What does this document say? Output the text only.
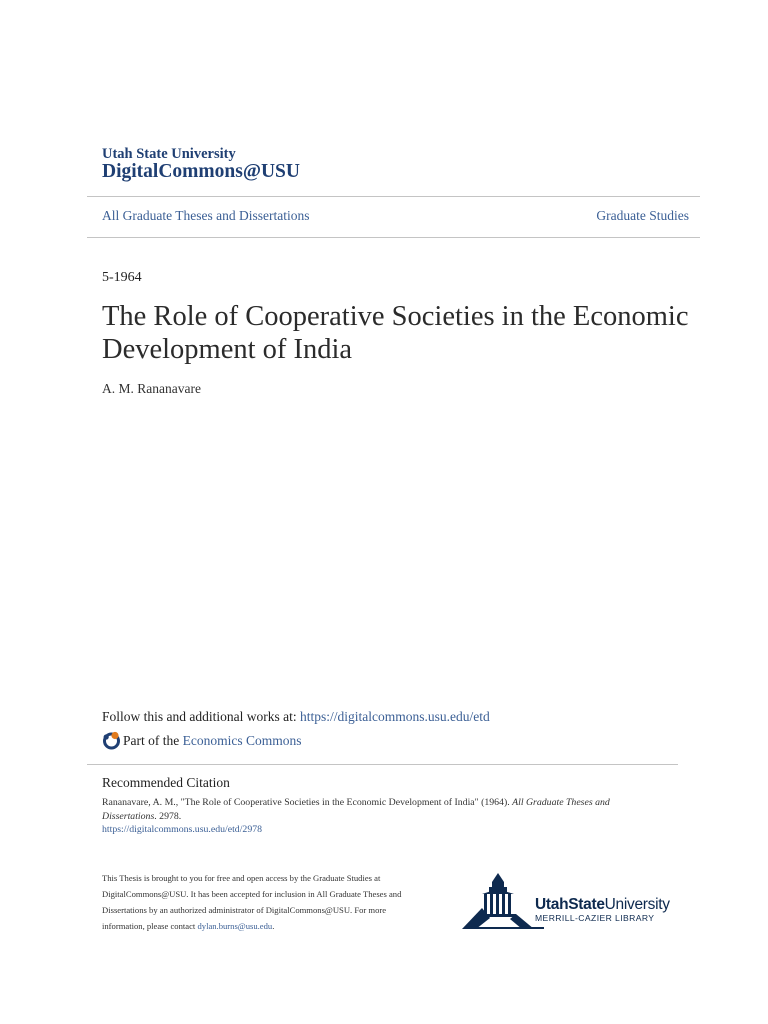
Utah State University
DigitalCommons@USU
All Graduate Theses and Dissertations	Graduate Studies
5-1964
The Role of Cooperative Societies in the Economic Development of India
A. M. Rananavare
Follow this and additional works at: https://digitalcommons.usu.edu/etd
Part of the
Economics Commons
Recommended Citation
Rananavare, A. M., "The Role of Cooperative Societies in the Economic Development of India" (1964). All Graduate Theses and Dissertations. 2978.
https://digitalcommons.usu.edu/etd/2978
This Thesis is brought to you for free and open access by the Graduate Studies at DigitalCommons@USU. It has been accepted for inclusion in All Graduate Theses and Dissertations by an authorized administrator of DigitalCommons@USU. For more information, please contact dylan.burns@usu.edu.
UtahStateUniversity
MERRILL-CAZIER LIBRARY
